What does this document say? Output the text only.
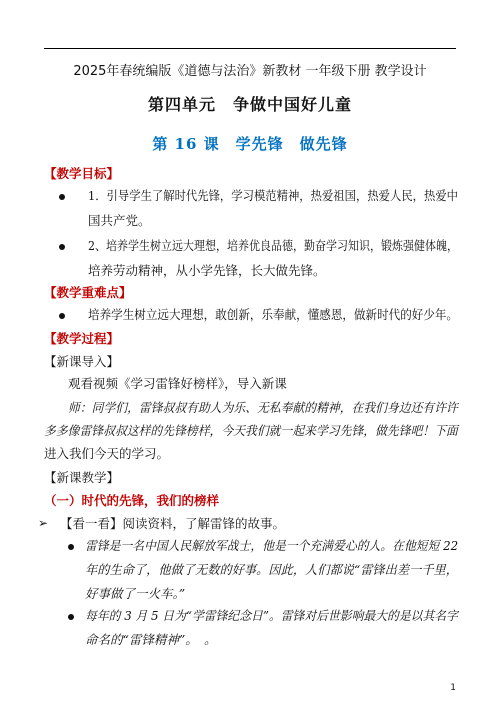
2025年春统编版《道德与法治》新教材 一年级下册 教学设计
第四单元　争做中国好儿童
第 16 课　学先锋　做先锋
【教学目标】
1．引导学生了解时代先锋，学习模范精神，热爱祖国，热爱人民，热爱中
国共产党。
2、培养学生树立远大理想，培养优良品德，勤奋学习知识，锻炼强健体魄，
培养劳动精神，从小学先锋，长大做先锋。
【教学重难点】
培养学生树立远大理想，敢创新，乐奉献，懂感恩，做新时代的好少年。
【教学过程】
【新课导入】
观看视频《学习雷锋好榜样》，导入新课
师：同学们，雷锋叔叔有助人为乐、无私奉献的精神，在我们身边还有许许
多多像雷锋叔叔这样的先锋榜样，今天我们就一起来学习先锋，做先锋吧！下面
进入我们今天的学习。
【新课教学】
（一）时代的先锋，我们的榜样
➢ 【看一看】阅读资料，了解雷锋的故事。
雷锋是一名中国人民解放军战士，他是一个充满爱心的人。在他短短 22
年的生命了，他做了无数的好事。因此，人们都说“雷锋出差一千里，
好事做了一火车。”
每年的 3 月 5 日为“学雷锋纪念日”。雷锋对后世影响最大的是以其名字
命名的“雷锋精神”。　。
1
